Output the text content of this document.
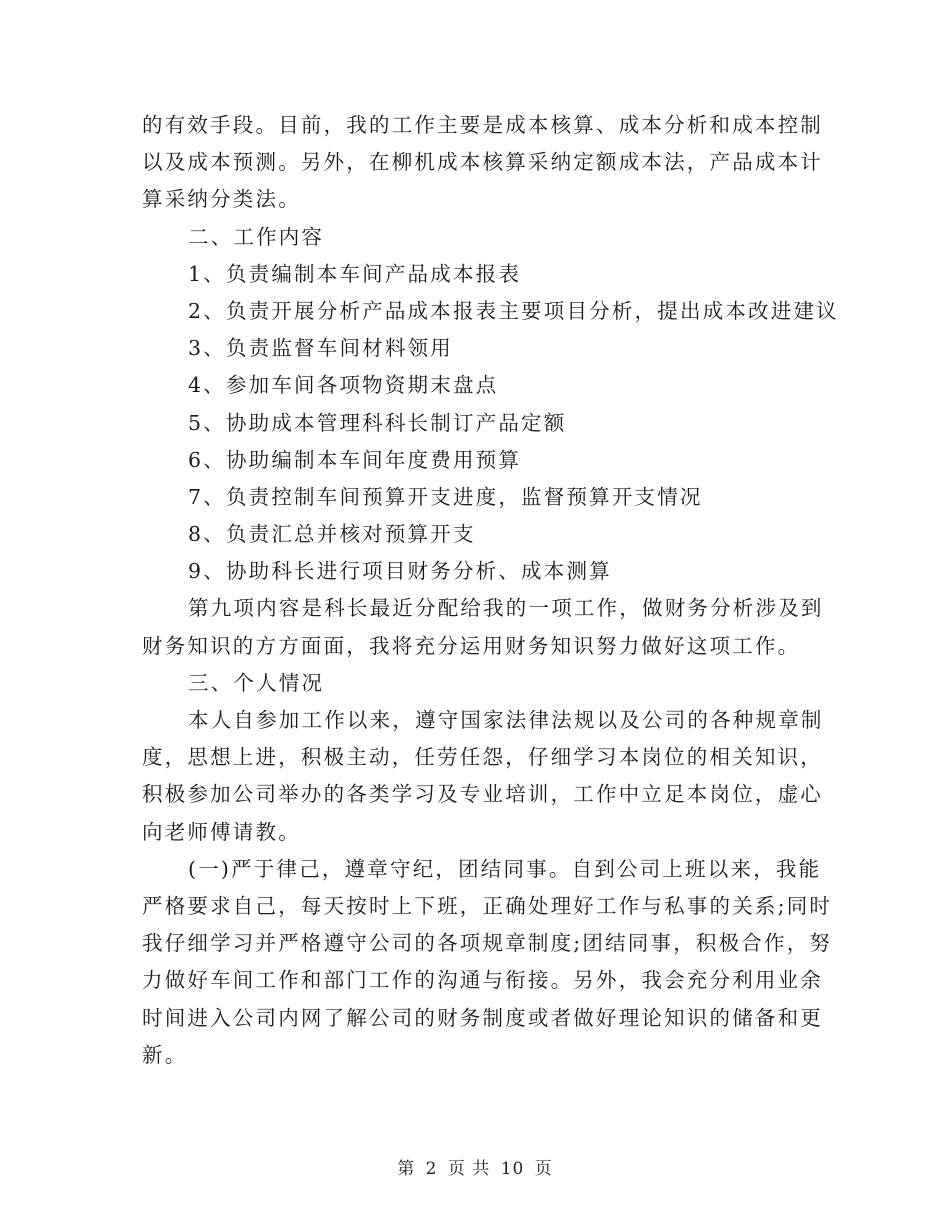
的有效手段。目前，我的工作主要是成本核算、成本分析和成本控制
以及成本预测。另外，在柳机成本核算采纳定额成本法，产品成本计
算采纳分类法。
二、工作内容
1、负责编制本车间产品成本报表
2、负责开展分析产品成本报表主要项目分析，提出成本改进建议
3、负责监督车间材料领用
4、参加车间各项物资期末盘点
5、协助成本管理科科长制订产品定额
6、协助编制本车间年度费用预算
7、负责控制车间预算开支进度，监督预算开支情况
8、负责汇总并核对预算开支
9、协助科长进行项目财务分析、成本测算
第九项内容是科长最近分配给我的一项工作，做财务分析涉及到
财务知识的方方面面，我将充分运用财务知识努力做好这项工作。
三、个人情况
本人自参加工作以来，遵守国家法律法规以及公司的各种规章制
度，思想上进，积极主动，任劳任怨，仔细学习本岗位的相关知识，
积极参加公司举办的各类学习及专业培训，工作中立足本岗位，虚心
向老师傅请教。
(一)严于律己，遵章守纪，团结同事。自到公司上班以来，我能
严格要求自己，每天按时上下班，正确处理好工作与私事的关系;同时
我仔细学习并严格遵守公司的各项规章制度;团结同事，积极合作，努
力做好车间工作和部门工作的沟通与衔接。另外，我会充分利用业余
时间进入公司内网了解公司的财务制度或者做好理论知识的储备和更
新。
第 2 页 共 10 页
